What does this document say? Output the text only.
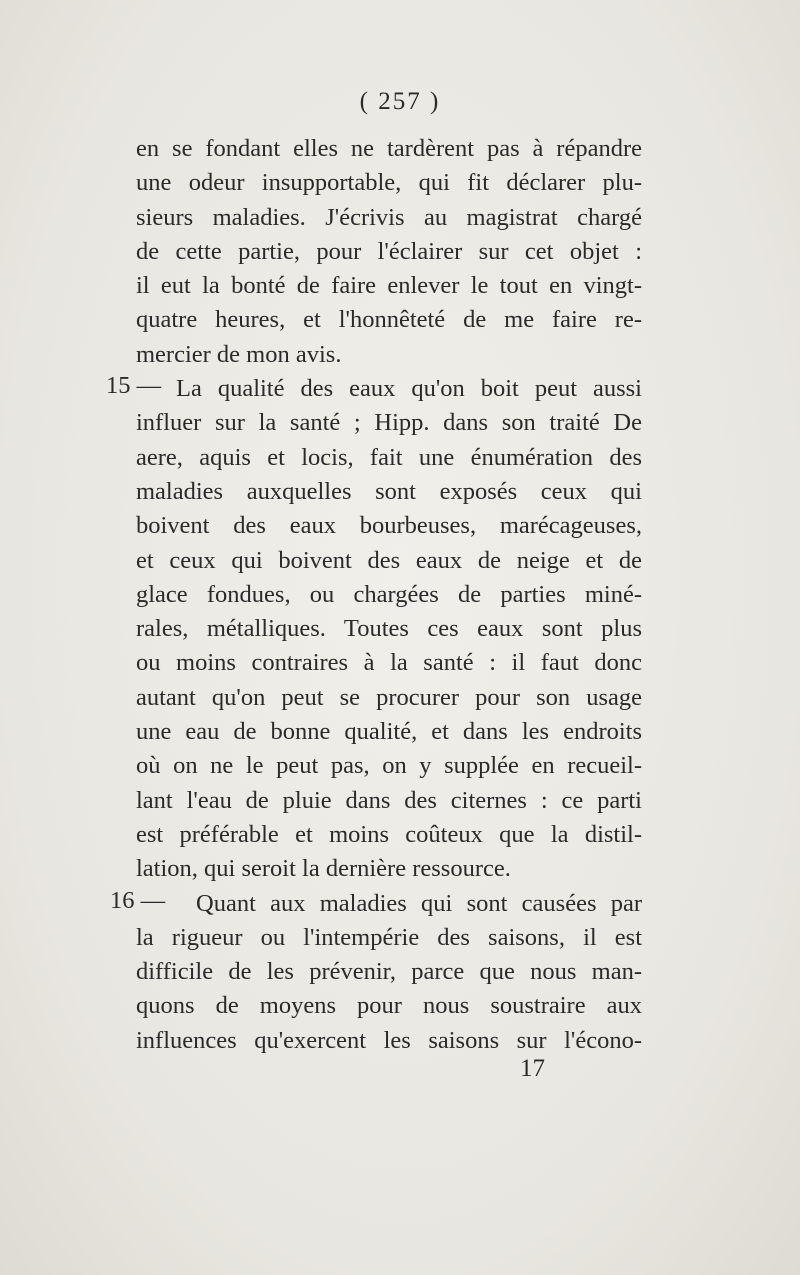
( 257 )
en se fondant elles ne tardèrent pas à répandre
une odeur insupportable, qui fit déclarer plu-
sieurs maladies. J'écrivis au magistrat chargé
de cette partie, pour l'éclairer sur cet objet :
il eut la bonté de faire enlever le tout en vingt-
quatre heures, et l'honnêteté de me faire re-
mercier de mon avis.
La qualité des eaux qu'on boit peut aussi
influer sur la santé ; Hipp. dans son traité De
aere, aquis et locis, fait une énumération des
maladies auxquelles sont exposés ceux qui
boivent des eaux bourbeuses, marécageuses,
et ceux qui boivent des eaux de neige et de
glace fondues, ou chargées de parties miné-
rales, métalliques. Toutes ces eaux sont plus
ou moins contraires à la santé : il faut donc
autant qu'on peut se procurer pour son usage
une eau de bonne qualité, et dans les endroits
où on ne le peut pas, on y supplée en recueil-
lant l'eau de pluie dans des citernes : ce parti
est préférable et moins coûteux que la distil-
lation, qui seroit la dernière ressource.
Quant aux maladies qui sont causées par
la rigueur ou l'intempérie des saisons, il est
difficile de les prévenir, parce que nous man-
quons de moyens pour nous soustraire aux
influences qu'exercent les saisons sur l'écono-
15 —
16 —
17
